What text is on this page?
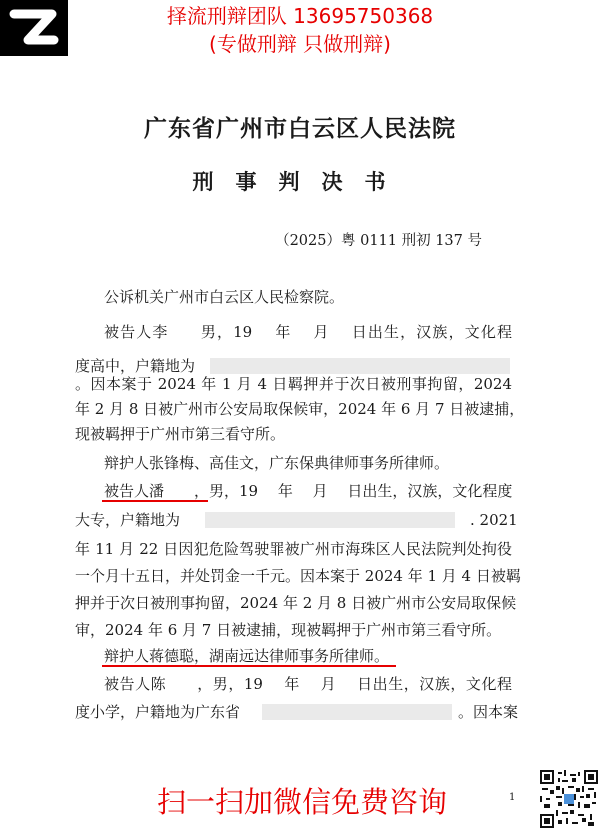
择流刑辩团队 13695750368
(专做刑辩 只做刑辩)
广东省广州市白云区人民法院
刑事判决书
（2025）粤 0111 刑初 137 号
公诉机关广州市白云区人民检察院。
被告人李　　男，19　 年　 月　 日出生，汉族，文化程
度高中，户籍地为
。因本案于 2024 年 1 月 4 日羁押并于次日被刑事拘留，2024
年 2 月 8 日被广州市公安局取保候审，2024 年 6 月 7 日被逮捕，
现被羁押于广州市第三看守所。
辩护人张锋梅、高佳文，广东保典律师事务所律师。
被告人潘　　，男，19　 年　 月　 日出生，汉族，文化程度
大专，户籍地为	. 2021
年 11 月 22 日因犯危险驾驶罪被广州市海珠区人民法院判处拘役
一个月十五日，并处罚金一千元。因本案于 2024 年 1 月 4 日被羁
押并于次日被刑事拘留，2024 年 2 月 8 日被广州市公安局取保候
审，2024 年 6 月 7 日被逮捕，现被羁押于广州市第三看守所。
辩护人蒋德聪，湖南远达律师事务所律师。
被告人陈　　，男，19　 年　 月　 日出生，汉族，文化程
度小学，户籍地为广东省	。因本案
扫一扫加微信免费咨询	1
